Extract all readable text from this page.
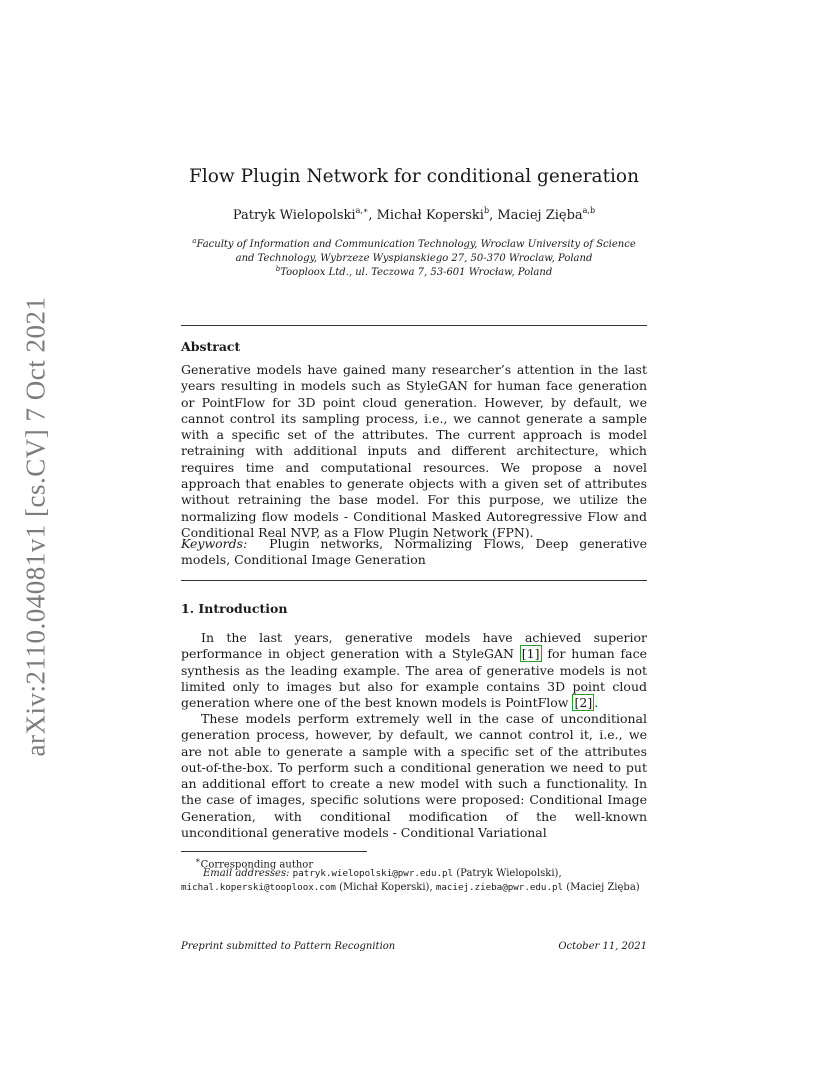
arXiv:2110.04081v1 [cs.CV] 7 Oct 2021
Flow Plugin Network for conditional generation
Patryk Wielopolski$^{a,∗}$, Michał Koperski$^b$, Maciej Zięba$^{a,b}$
$^a$Faculty of Information and Communication Technology, Wroclaw University of Science
and Technology, Wybrzeze Wyspianskiego 27, 50-370 Wroclaw, Poland
$^b$Tooploox Ltd., ul. Teczowa 7, 53-601 Wrocław, Poland
Abstract
Generative models have gained many researcher’s attention in the last years resulting in models such as StyleGAN for human face generation or PointFlow for 3D point cloud generation. However, by default, we cannot control its sampling process, i.e., we cannot generate a sample with a specific set of the attributes. The current approach is model retraining with additional inputs and different architecture, which requires time and computational resources. We propose a novel approach that enables to generate objects with a given set of attributes without retraining the base model. For this purpose, we utilize the normalizing flow models - Conditional Masked Autoregressive Flow and Conditional Real NVP, as a Flow Plugin Network (FPN).
Keywords: Plugin networks, Normalizing Flows, Deep generative models, Conditional Image Generation
1. Introduction
In the last years, generative models have achieved superior performance in object generation with a StyleGAN [1] for human face synthesis as the leading example. The area of generative models is not limited only to images but also for example contains 3D point cloud generation where one of the best known models is PointFlow [2] .
These models perform extremely well in the case of unconditional generation process, however, by default, we cannot control it, i.e., we are not able to generate a sample with a specific set of the attributes out-of-the-box. To perform such a conditional generation we need to put an additional effort to create a new model with such a functionality. In the case of images, specific solutions were proposed: Conditional Image Generation, with conditional modification of the well-known unconditional generative models - Conditional Variational
∗Corresponding author
Email addresses: patryk.wielopolski@pwr.edu.pl (Patryk Wielopolski), michal.koperski@tooploox.com (Michał Koperski), maciej.zieba@pwr.edu.pl (Maciej Zięba)
Preprint submitted to Pattern Recognition	October 11, 2021
